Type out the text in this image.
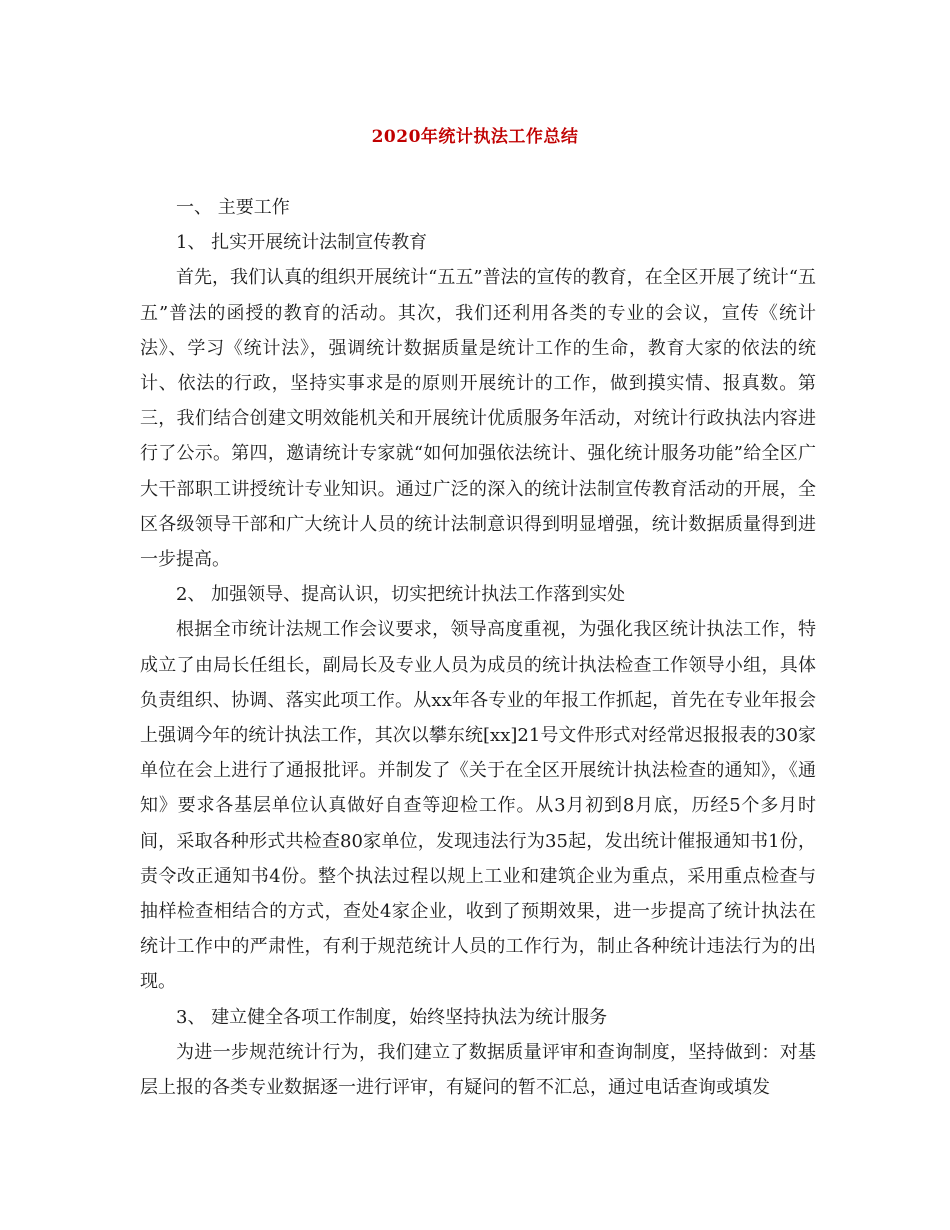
2020年统计执法工作总结

一、 主要工作

1、 扎实开展统计法制宣传教育

首先，我们认真的组织开展统计“五五”普法的宣传的教育，在全区开展了统计“五五”普法的函授的教育的活动。其次，我们还利用各类的专业的会议，宣传《统计法》、学习《统计法》，强调统计数据质量是统计工作的生命，教育大家的依法的统计、依法的行政，坚持实事求是的原则开展统计的工作，做到摸实情、报真数。第三，我们结合创建文明效能机关和开展统计优质服务年活动，对统计行政执法内容进行了公示。第四，邀请统计专家就“如何加强依法统计、强化统计服务功能”给全区广大干部职工讲授统计专业知识。通过广泛的深入的统计法制宣传教育活动的开展，全区各级领导干部和广大统计人员的统计法制意识得到明显增强，统计数据质量得到进一步提高。

2、 加强领导、提高认识，切实把统计执法工作落到实处

根据全市统计法规工作会议要求，领导高度重视，为强化我区统计执法工作，特成立了由局长任组长，副局长及专业人员为成员的统计执法检查工作领导小组，具体负责组织、协调、落实此项工作。从xx年各专业的年报工作抓起，首先在专业年报会上强调今年的统计执法工作，其次以攀东统[xx]21号文件形式对经常迟报报表的30家单位在会上进行了通报批评。并制发了《关于在全区开展统计执法检查的通知》，《通知》要求各基层单位认真做好自查等迎检工作。从3月初到8月底，历经5个多月时间，采取各种形式共检查80家单位，发现违法行为35起，发出统计催报通知书1份，责令改正通知书4份。整个执法过程以规上工业和建筑企业为重点，采用重点检查与抽样检查相结合的方式，查处4家企业，收到了预期效果，进一步提高了统计执法在统计工作中的严肃性，有利于规范统计人员的工作行为，制止各种统计违法行为的出现。

3、 建立健全各项工作制度，始终坚持执法为统计服务

为进一步规范统计行为，我们建立了数据质量评审和查询制度，坚持做到：对基层上报的各类专业数据逐一进行评审，有疑问的暂不汇总，通过电话查询或填发
